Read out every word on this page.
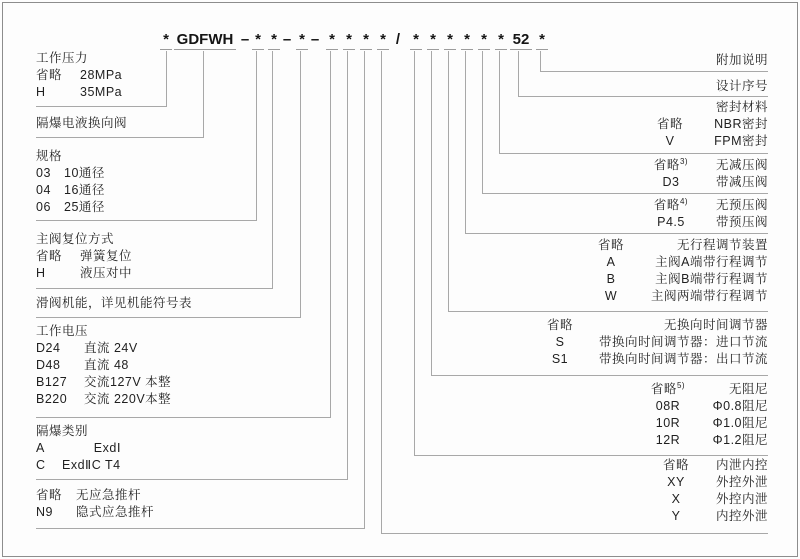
* GDFWH – * * – * – * * * * / * * * * * * 52 *
工作压力
省略	28MPa
H	35MPa
隔爆电液换向阀
规格
03	10通径
04	16通径
06	25通径
主阀复位方式
省略	弹簧复位
H	液压对中
滑阀机能，详见机能符号表
工作电压
D24	直流 24V
D48	直流 48
B127	交流127V 本整
B220	交流 220V本整
隔爆类别
A	ExdⅠ
C	ExdⅡC T4
省略	无应急推杆
N9	隐式应急推杆
附加说明
设计序号
密封材料
省略	NBR密封
V	FPM密封
省略$^{3)}$	无减压阀
D3	带减压阀
省略$^{4)}$	无预压阀
P4.5	带预压阀
省略	无行程调节装置
A	主阀A端带行程调节
B	主阀B端带行程调节
W	主阀两端带行程调节
省略	无换向时间调节器
S	带换向时间调节器：进口节流
S1	带换向时间调节器：出口节流
省略$^{5)}$	无阻尼
08R	Φ0.8阻尼
10R	Φ1.0阻尼
12R	Φ1.2阻尼
省略	内泄内控
XY	外控外泄
X	外控内泄
Y	内控外泄
